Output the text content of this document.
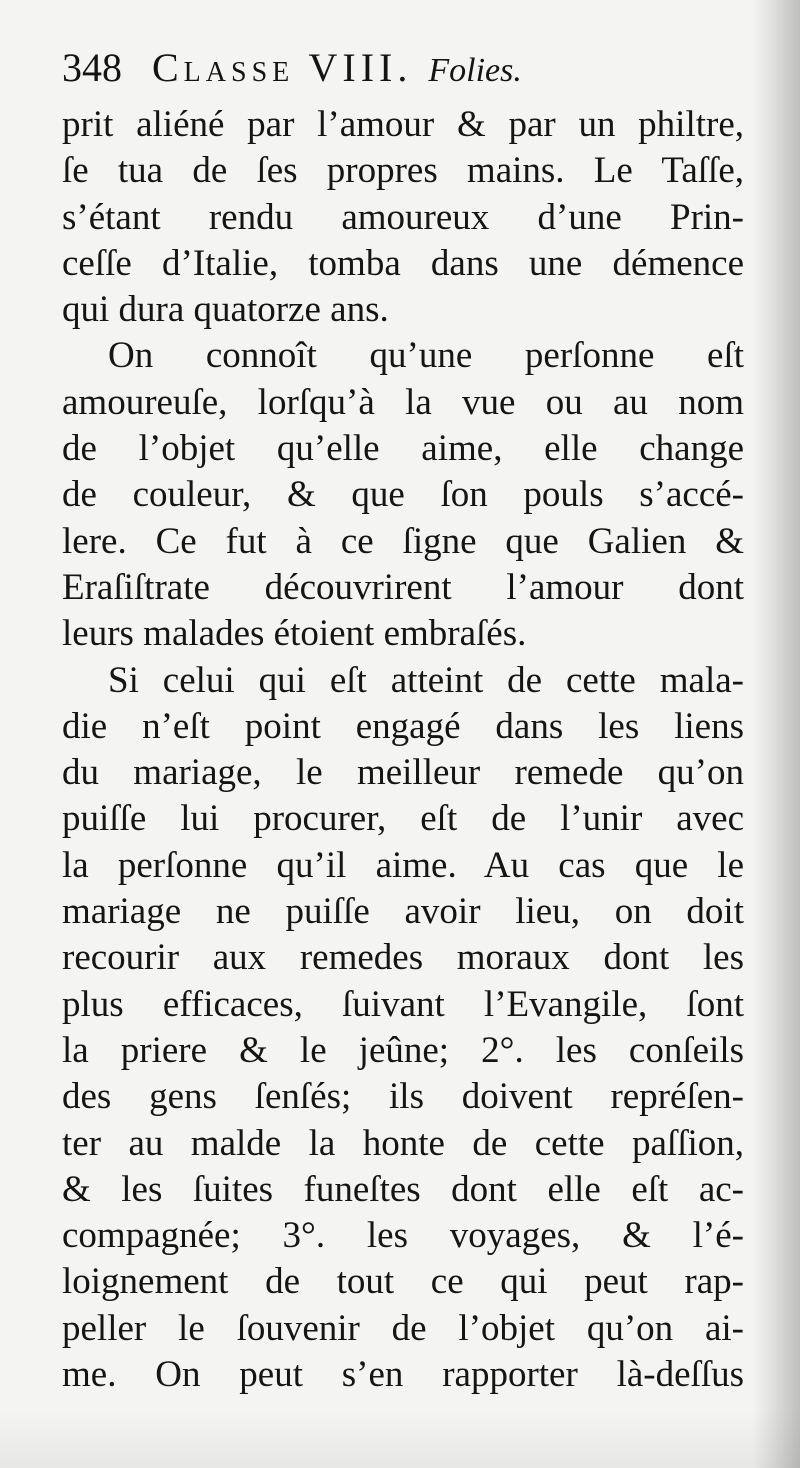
348 Classe VIII. Folies.
prit aliéné par l’amour & par un philtre,
ſe tua de ſes propres mains. Le Taſſe,
s’étant rendu amoureux d’une Prin-
ceſſe d’Italie, tomba dans une démence
qui dura quatorze ans.
On connoît qu’une perſonne eſt
amoureuſe, lorſqu’à la vue ou au nom
de l’objet qu’elle aime, elle change
de couleur, & que ſon pouls s’accé-
lere. Ce fut à ce ſigne que Galien &
Eraſiſtrate découvrirent l’amour dont
leurs malades étoient embraſés.
Si celui qui eſt atteint de cette mala-
die n’eſt point engagé dans les liens
du mariage, le meilleur remede qu’on
puiſſe lui procurer, eſt de l’unir avec
la perſonne qu’il aime. Au cas que le
mariage ne puiſſe avoir lieu, on doit
recourir aux remedes moraux dont les
plus efficaces, ſuivant l’Evangile, ſont
la priere & le jeûne; 2°. les conſeils
des gens ſenſés; ils doivent repréſen-
ter au malde la honte de cette paſſion,
& les ſuites funeſtes dont elle eſt ac-
compagnée; 3°. les voyages, & l’é-
loignement de tout ce qui peut rap-
peller le ſouvenir de l’objet qu’on ai-
me. On peut s’en rapporter là-deſſus
